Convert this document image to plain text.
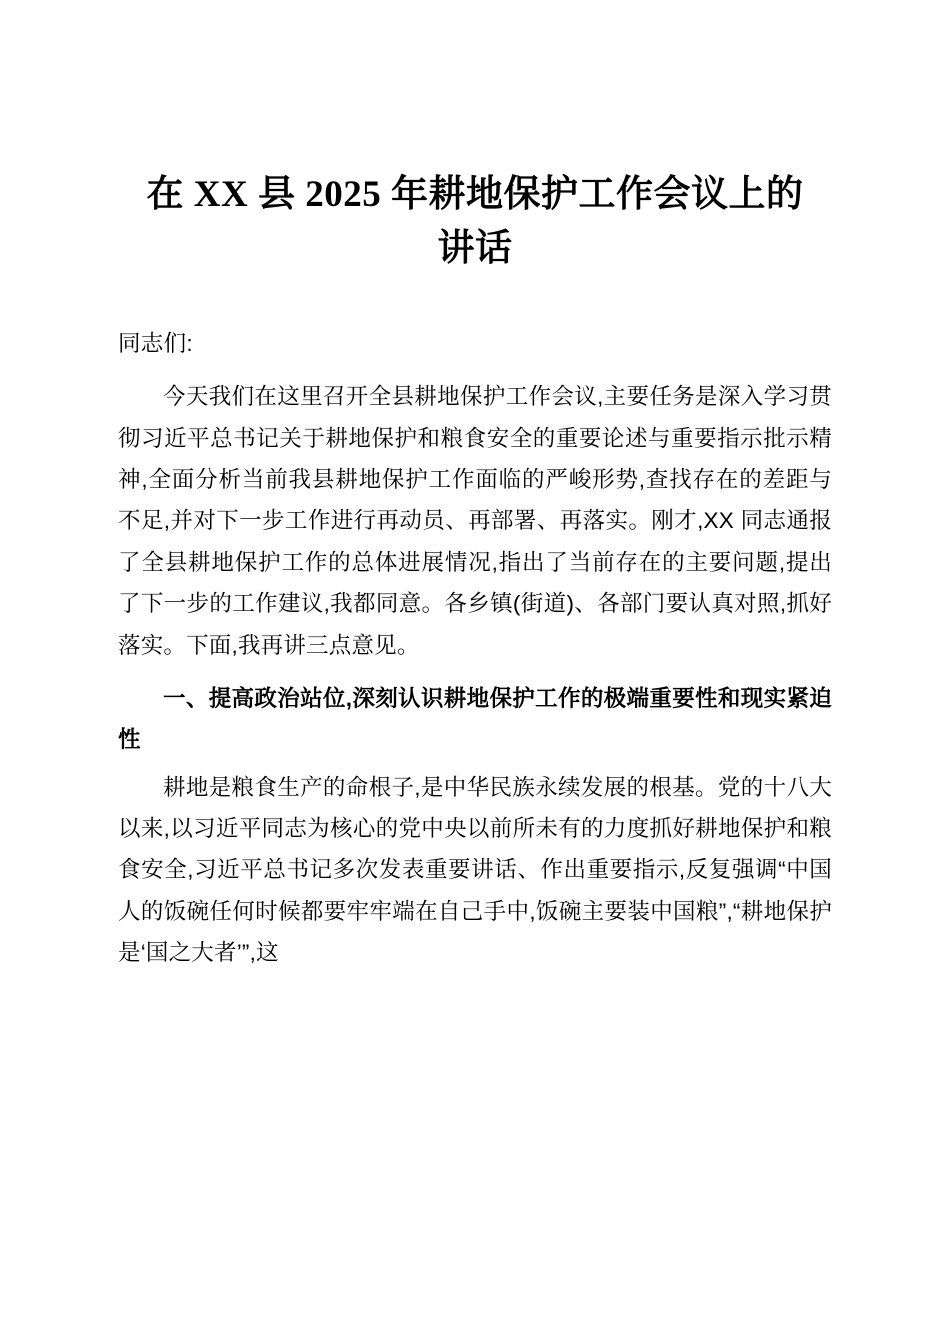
在 XX 县 2025 年耕地保护工作会议上的讲话
同志们:

今天我们在这里召开全县耕地保护工作会议,主要任务是深入学习贯彻习近平总书记关于耕地保护和粮食安全的重要论述与重要指示批示精神,全面分析当前我县耕地保护工作面临的严峻形势,查找存在的差距与不足,并对下一步工作进行再动员、再部署、再落实。刚才,XX 同志通报了全县耕地保护工作的总体进展情况,指出了当前存在的主要问题,提出了下一步的工作建议,我都同意。各乡镇(街道)、各部门要认真对照,抓好落实。下面,我再讲三点意见。

一、提高政治站位,深刻认识耕地保护工作的极端重要性和现实紧迫性

耕地是粮食生产的命根子,是中华民族永续发展的根基。党的十八大以来,以习近平同志为核心的党中央以前所未有的力度抓好耕地保护和粮食安全,习近平总书记多次发表重要讲话、作出重要指示,反复强调“中国人的饭碗任何时候都要牢牢端在自己手中,饭碗主要装中国粮”,“耕地保护是‘国之大者’”,这
